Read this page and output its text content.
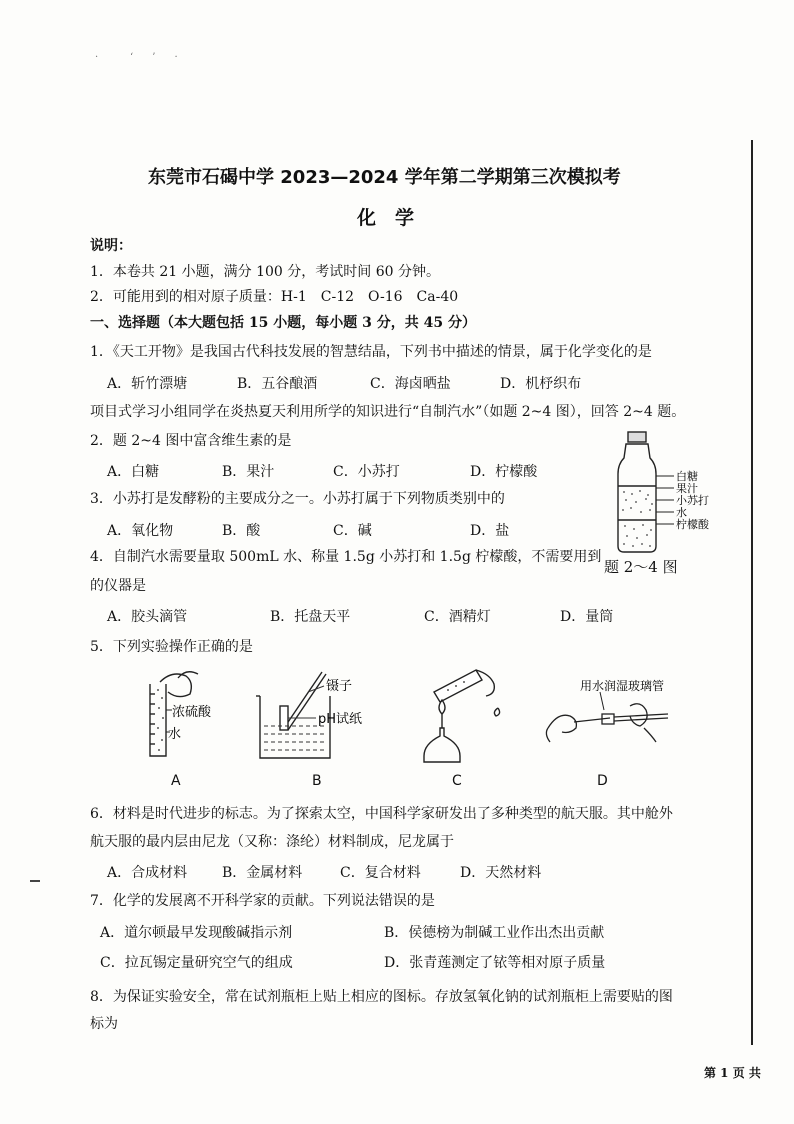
·          ‘      ’      ·
东莞市石碣中学 2023—2024 学年第二学期第三次模拟考
化　学
说明：
1．本卷共 21 小题，满分 100 分，考试时间 60 分钟。
2．可能用到的相对原子质量：H-1　C-12　O-16　Ca-40
一、选择题（本大题包括 15 小题，每小题 3 分，共 45 分）
1．《天工开物》是我国古代科技发展的智慧结晶，下列书中描述的情景，属于化学变化的是
A．斩竹漂塘	B．五谷酿酒	C．海卤晒盐	D．机杼织布
项目式学习小组同学在炎热夏天利用所学的知识进行“自制汽水”（如题 2~4 图），回答 2~4 题。
2．题 2~4 图中富含维生素的是
A．白糖	B．果汁	C．小苏打	D．柠檬酸
3．小苏打是发酵粉的主要成分之一。小苏打属于下列物质类别中的
A．氧化物	B．酸	C．碱	D．盐
白糖
果汁
小苏打
水
柠檬酸
题 2～4 图
4．自制汽水需要量取 500mL 水、称量 1.5g 小苏打和 1.5g 柠檬酸，不需要用到
的仪器是
A．胶头滴管	B．托盘天平	C．酒精灯	D．量筒
5．下列实验操作正确的是
浓硫酸
水
镊子
pH试纸
用水润湿玻璃管
A	B	C	D
6．材料是时代进步的标志。为了探索太空，中国科学家研发出了多种类型的航天服。其中舱外
航天服的最内层由尼龙（又称：涤纶）材料制成，尼龙属于
A．合成材料 B．金属材料	C．复合材料	D．天然材料
7．化学的发展离不开科学家的贡献。下列说法错误的是
A．道尔顿最早发现酸碱指示剂	B．侯德榜为制碱工业作出杰出贡献
C．拉瓦锡定量研究空气的组成	D．张青莲测定了铱等相对原子质量
8．为保证实验安全，常在试剂瓶柜上贴上相应的图标。存放氢氧化钠的试剂瓶柜上需要贴的图
标为
第 1 页 共
